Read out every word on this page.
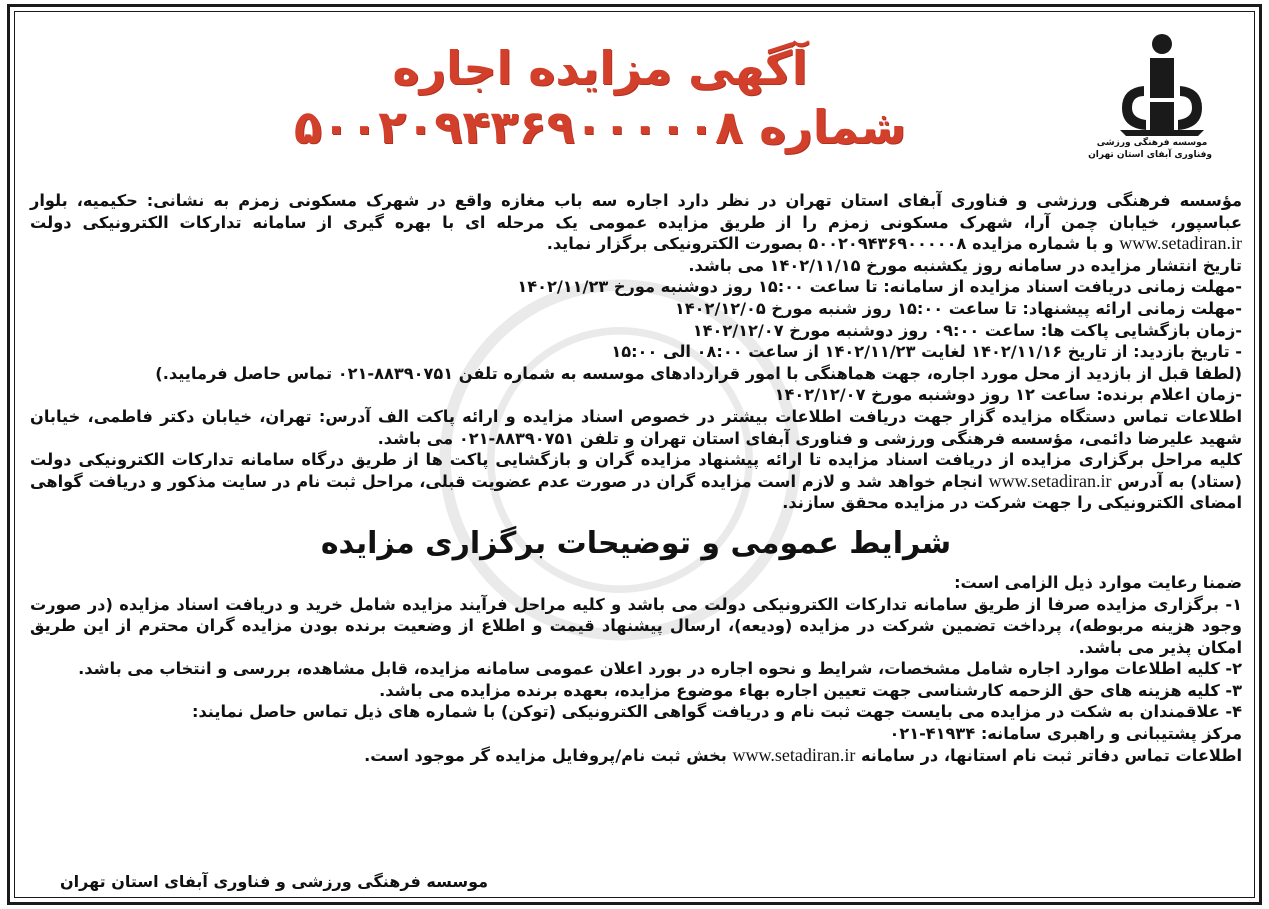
موسسه فرهنگی ورزشی
وفناوری آبفای استان تهران
آگهی مزایده اجاره
شماره ۵۰۰۲۰۹۴۳۶۹۰۰۰۰۰۸

مؤسسه فرهنگی ورزشی و فناوری آبفای استان تهران در نظر دارد اجاره سه باب مغازه واقع در شهرک مسکونی زمزم به نشانی: حکیمیه، بلوار عباسپور، خیابان چمن آرا، شهرک مسکونی زمزم را از طریق مزایده عمومی یک مرحله ای با بهره گیری از سامانه تدارکات الکترونیکی دولت www.setadiran.ir و با شماره مزایده ۵۰۰۲۰۹۴۳۶۹۰۰۰۰۰۸ بصورت الکترونیکی برگزار نماید.

تاریخ انتشار مزایده در سامانه روز یکشنبه مورخ ۱۴۰۲/۱۱/۱۵ می باشد.

-مهلت زمانی دریافت اسناد مزایده از سامانه: تا ساعت ۱۵:۰۰ روز دوشنبه مورخ ۱۴۰۲/۱۱/۲۳

-مهلت زمانی ارائه پیشنهاد: تا ساعت ۱۵:۰۰ روز شنبه مورخ ۱۴۰۲/۱۲/۰۵

-زمان بازگشایی پاکت ها: ساعت ۰۹:۰۰ روز دوشنبه مورخ ۱۴۰۲/۱۲/۰۷

- تاریخ بازدید: از تاریخ ۱۴۰۲/۱۱/۱۶ لغایت ۱۴۰۲/۱۱/۲۳ از ساعت ۰۸:۰۰ الی ۱۵:۰۰

(لطفا قبل از بازدید از محل مورد اجاره، جهت هماهنگی با امور قراردادهای موسسه به شماره تلفن ۸۸۳۹۰۷۵۱-۰۲۱ تماس حاصل فرمایید.)

-زمان اعلام برنده: ساعت ۱۲ روز دوشنبه مورخ ۱۴۰۲/۱۲/۰۷

اطلاعات تماس دستگاه مزایده گزار جهت دریافت اطلاعات بیشتر در خصوص اسناد مزایده و ارائه پاکت الف آدرس: تهران، خیابان دکتر فاطمی، خیابان شهید علیرضا دائمی، مؤسسه فرهنگی ورزشی و فناوری آبفای استان تهران و تلفن ۸۸۳۹۰۷۵۱-۰۲۱ می باشد.

کلیه مراحل برگزاری مزایده از دریافت اسناد مزایده تا ارائه پیشنهاد مزایده گران و بازگشایی پاکت ها از طریق درگاه سامانه تدارکات الکترونیکی دولت (ستاد) به آدرس www.setadiran.ir انجام خواهد شد و لازم است مزایده گران در صورت عدم عضویت قبلی، مراحل ثبت نام در سایت مذکور و دریافت گواهی امضای الکترونیکی را جهت شرکت در مزایده محقق سازند.

شرایط عمومی و توضیحات برگزاری مزایده

ضمنا رعایت موارد ذیل الزامی است:

۱- برگزاری مزایده صرفا از طریق سامانه تدارکات الکترونیکی دولت می باشد و کلیه مراحل فرآیند مزایده شامل خرید و دریافت اسناد مزایده (در صورت وجود هزینه مربوطه)، پرداخت تضمین شرکت در مزایده (ودیعه)، ارسال پیشنهاد قیمت و اطلاع از وضعیت برنده بودن مزایده گران محترم از این طریق امکان پذیر می باشد.

۲- کلیه اطلاعات موارد اجاره شامل مشخصات، شرایط و نحوه اجاره در بورد اعلان عمومی سامانه مزایده، قابل مشاهده، بررسی و انتخاب می باشد.

۳- کلیه هزینه های حق الزحمه کارشناسی جهت تعیین اجاره بهاء موضوع مزایده، بعهده برنده مزایده می باشد.

۴- علاقمندان به شکت در مزایده می بایست جهت ثبت نام و دریافت گواهی الکترونیکی (توکن) با شماره های ذیل تماس حاصل نمایند:

مرکز پشتیبانی و راهبری سامانه: ۴۱۹۳۴-۰۲۱

اطلاعات تماس دفاتر ثبت نام استانها، در سامانه www.setadiran.ir بخش ثبت نام/پروفایل مزایده گر موجود است.

موسسه فرهنگی ورزشی و فناوری آبفای استان تهران
